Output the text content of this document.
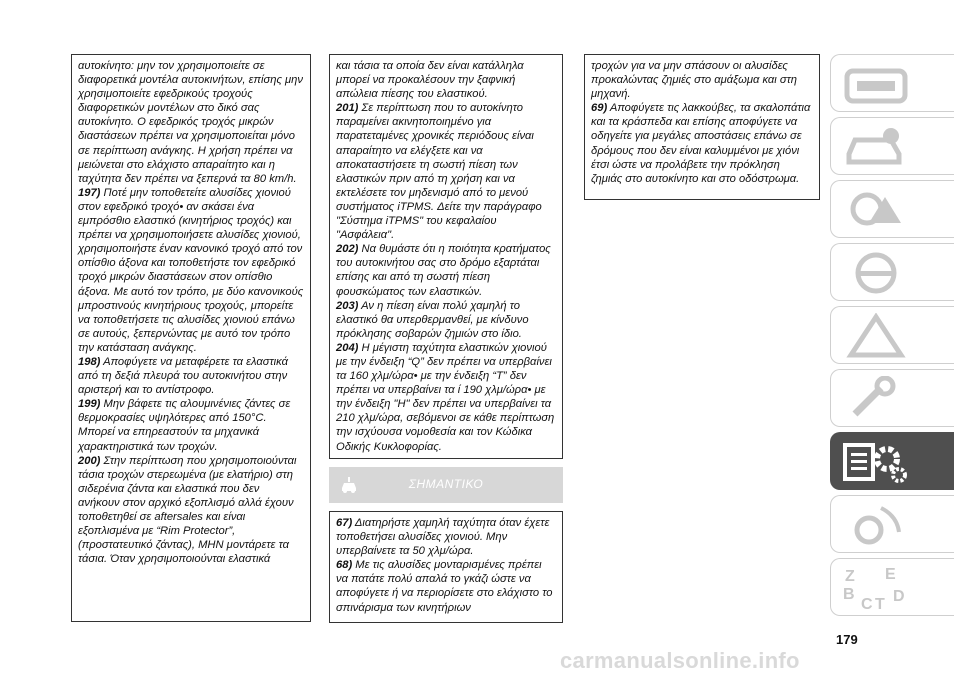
αυτοκίνητο: μην τον χρησιμοποιείτε σε διαφορετικά μοντέλα αυτοκινήτων, επίσης μην χρησιμοποιείτε εφεδρικούς τροχούς διαφορετικών μοντέλων στο δικό σας αυτοκίνητο. Ο εφεδρικός τροχός μικρών διαστάσεων πρέπει να χρησιμοποιείται μόνο σε περίπτωση ανάγκης. Η χρήση πρέπει να μειώνεται στο ελάχιστο απαραίτητο και η ταχύτητα δεν πρέπει να ξεπερνά τα 80 km/h.

197) Ποτέ μην τοποθετείτε αλυσίδες χιονιού στον εφεδρικό τροχό• αν σκάσει ένα εμπρόσθιο ελαστικό (κινητήριος τροχός) και πρέπει να χρησιμοποιήσετε αλυσίδες χιονιού, χρησιμοποιήστε έναν κανονικό τροχό από τον οπίσθιο άξονα και τοποθετήστε τον εφεδρικό τροχό μικρών διαστάσεων στον οπίσθιο άξονα. Με αυτό τον τρόπο, με δύο κανονικούς μπροστινούς κινητήριους τροχούς, μπορείτε να τοποθετήσετε τις αλυσίδες χιονιού επάνω σε αυτούς, ξεπερνώντας με αυτό τον τρόπο την κατάσταση ανάγκης.

198) Αποφύγετε να μεταφέρετε τα ελαστικά από τη δεξιά πλευρά του αυτοκινήτου στην αριστερή και το αντίστροφο.

199) Μην βάφετε τις αλουμινένιες ζάντες σε θερμοκρασίες υψηλότερες από 150°C. Μπορεί να επηρεαστούν τα μηχανικά χαρακτηριστικά των τροχών.

200) Στην περίπτωση που χρησιμοποιούνται τάσια τροχών στερεωμένα (με ελατήριο) στη σιδερένια ζάντα και ελαστικά που δεν ανήκουν στον αρχικό εξοπλισμό αλλά έχουν τοποθετηθεί σε aftersales και είναι εξοπλισμένα με “Rim Protector”, (προστατευτικό ζάντας), ΜΗΝ μοντάρετε τα τάσια. Όταν χρησιμοποιούνται ελαστικά

και τάσια τα οποία δεν είναι κατάλληλα μπορεί να προκαλέσουν την ξαφνική απώλεια πίεσης του ελαστικού.

201) Σε περίπτωση που το αυτοκίνητο παραμείνει ακινητοποιημένο για παρατεταμένες χρονικές περιόδους είναι απαραίτητο να ελέγξετε και να αποκαταστήσετε τη σωστή πίεση των ελαστικών πριν από τη χρήση και να εκτελέσετε τον μηδενισμό από το μενού συστήματος iTPMS. Δείτε την παράγραφο "Σύστημα iTPMS" του κεφαλαίου "Ασφάλεια".

202) Να θυμάστε ότι η ποιότητα κρατήματος του αυτοκινήτου σας στο δρόμο εξαρτάται επίσης και από τη σωστή πίεση φουσκώματος των ελαστικών.

203) Αν η πίεση είναι πολύ χαμηλή το ελαστικό θα υπερθερμανθεί, με κίνδυνο πρόκλησης σοβαρών ζημιών στο ίδιο.

204) Η μέγιστη ταχύτητα ελαστικών χιονιού με την ένδειξη “Q” δεν πρέπει να υπερβαίνει τα 160 χλμ/ώρα• με την ένδειξη “T” δεν πρέπει να υπερβαίνει τα ί 190 χλμ/ώρα• με την ένδειξη "H" δεν πρέπει να υπερβαίνει τα 210 χλμ/ώρα, σεβόμενοι σε κάθε περίπτωση την ισχύουσα νομοθεσία και τον Κώδικα Οδικής Κυκλοφορίας.

ΣΗΜΑΝΤΙΚΟ

67) Διατηρήστε χαμηλή ταχύτητα όταν έχετε τοποθετήσει αλυσίδες χιονιού. Μην υπερβαίνετε τα 50 χλμ/ώρα.

68) Με τις αλυσίδες μονταρισμένες πρέπει να πατάτε πολύ απαλά το γκάζι ώστε να αποφύγετε ή να περιορίσετε στο ελάχιστο το σπινάρισμα των κινητήριων

τροχών για να μην σπάσουν οι αλυσίδες προκαλώντας ζημιές στο αμάξωμα και στη μηχανή.

69) Αποφύγετε τις λακκούβες, τα σκαλοπάτια και τα κράσπεδα και επίσης αποφύγετε να οδηγείτε για μεγάλες αποστάσεις επάνω σε δρόμους που δεν είναι καλυμμένοι με χιόνι έτσι ώστε να προλάβετε την πρόκληση ζημιάς στο αυτοκίνητο και στο οδόστρωμα.

Z E
B
C T D
179
carmanualsonline.info
